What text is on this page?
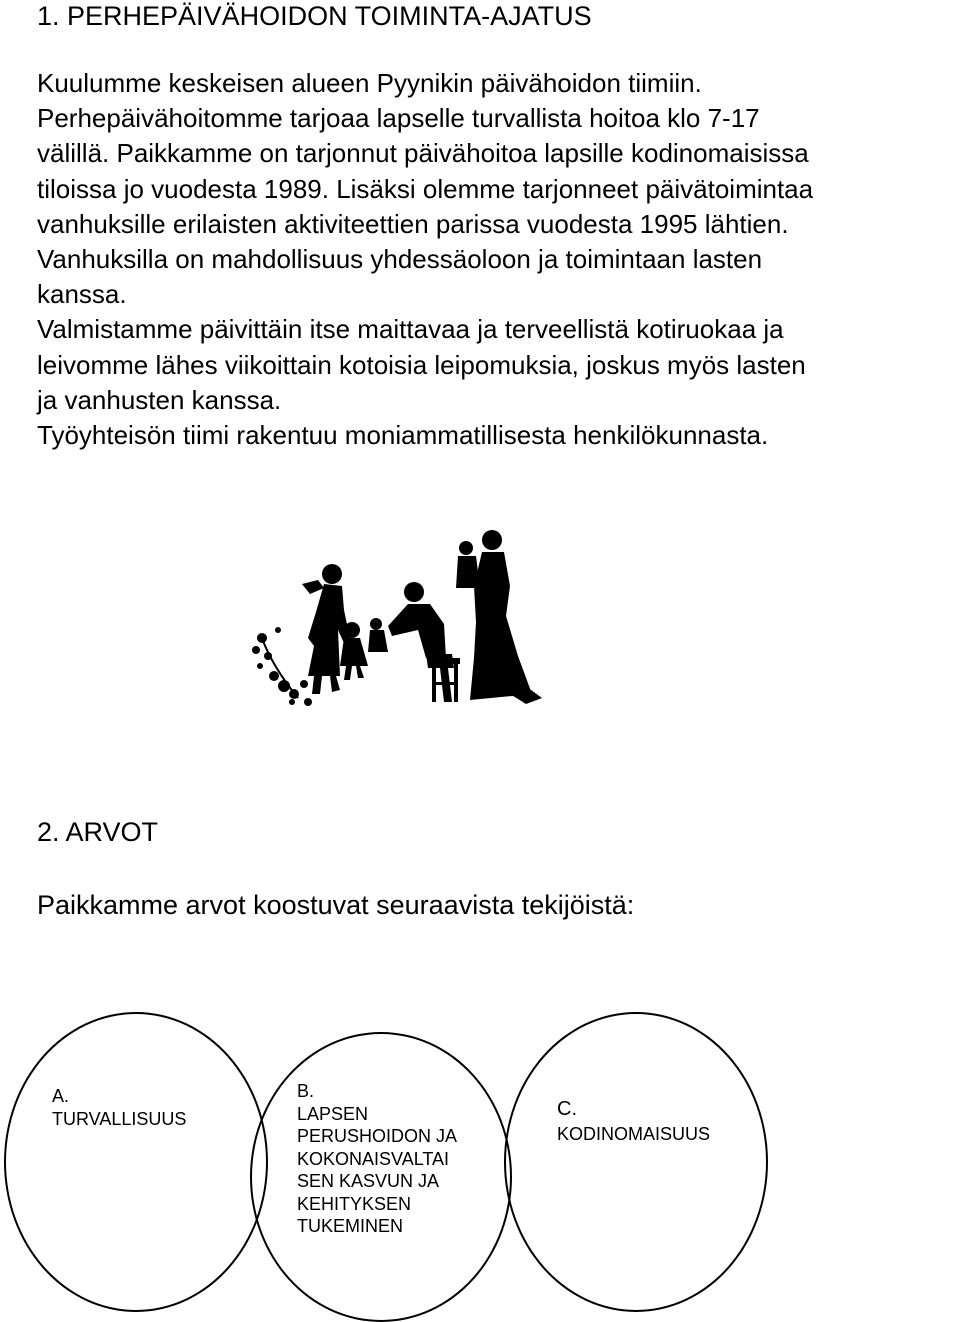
1. PERHEPÄIVÄHOIDON TOIMINTA-AJATUS
Kuulumme keskeisen alueen Pyynikin päivähoidon tiimiin.
Perhepäivähoitomme tarjoaa lapselle turvallista hoitoa klo 7-17
välillä. Paikkamme on tarjonnut päivähoitoa lapsille kodinomaisissa
tiloissa jo vuodesta 1989. Lisäksi olemme tarjonneet päivätoimintaa
vanhuksille erilaisten aktiviteettien parissa vuodesta 1995 lähtien.
Vanhuksilla on mahdollisuus yhdessäoloon ja toimintaan lasten
kanssa.
Valmistamme päivittäin itse maittavaa ja terveellistä kotiruokaa ja
leivomme lähes viikoittain kotoisia leipomuksia, joskus myös lasten
ja vanhusten kanssa.
Työyhteisön tiimi rakentuu moniammatillisesta henkilökunnasta.
2. ARVOT
Paikkamme arvot koostuvat seuraavista tekijöistä:
A.
TURVALLISUUS
B.
LAPSEN
PERUSHOIDON JA
KOKONAISVALTAI
SEN KASVUN JA
KEHITYKSEN
TUKEMINEN
C.
KODINOMAISUUS
